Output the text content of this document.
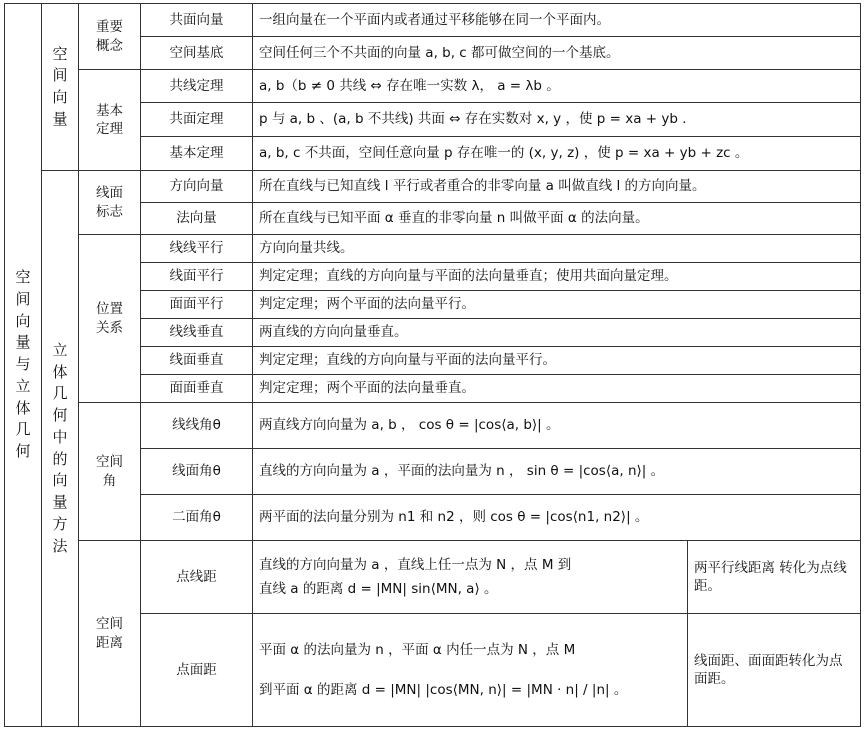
空间向量与立体几何	空间向量	重要概念	共面向量	一组向量在一个平面内或者通过平移能够在同一个平面内。	
			空间基底	空间任何三个不共面的向量 a, b, c 都可做空间的一个基底。	
		基本定理	共线定理	a, b（b ≠ 0 共线 ⇔ 存在唯一实数 λ， a = λb 。	
			共面定理	p 与 a, b 、(a, b 不共线) 共面 ⇔ 存在实数对 x, y ，使 p = xa + yb .	
			基本定理	a, b, c 不共面，空间任意向量 p 存在唯一的 (x, y, z) ，使 p = xa + yb + zc 。	
	立体几何中的向量方法	线面标志	方向向量	所在直线与已知直线 l 平行或者重合的非零向量 a 叫做直线 l 的方向向量。	
			法向量	所在直线与已知平面 α 垂直的非零向量 n 叫做平面 α 的法向量。	
		位置关系	线线平行	方向向量共线。	
			线面平行	判定定理；直线的方向向量与平面的法向量垂直；使用共面向量定理。	
			面面平行	判定定理；两个平面的法向量平行。	
			线线垂直	两直线的方向向量垂直。	
			线面垂直	判定定理；直线的方向向量与平面的法向量平行。	
			面面垂直	判定定理；两个平面的法向量垂直。	
		空间角	线线角θ	两直线方向向量为 a, b ， cos θ = |cos⟨a, b⟩| 。	
			线面角θ	直线的方向向量为 a ，平面的法向量为 n ， sin θ = |cos⟨a, n⟩| 。	
			二面角θ	两平面的法向量分别为 n1 和 n2 ，则 cos θ = |cos⟨n1, n2⟩| 。	
		空间距离	点线距	直线的方向向量为 a ，直线上任一点为 N ，点 M 到
直线 a 的距离 d = |MN| sin⟨MN, a⟩ 。	两平行线距离 转化为点线距。
			点面距	平面 α 的法向量为 n ，平面 α 内任一点为 N ，点 M
到平面 α 的距离 d = |MN| |cos⟨MN, n⟩| = |MN · n| / |n| 。	线面距、面面距转化为点面距。
